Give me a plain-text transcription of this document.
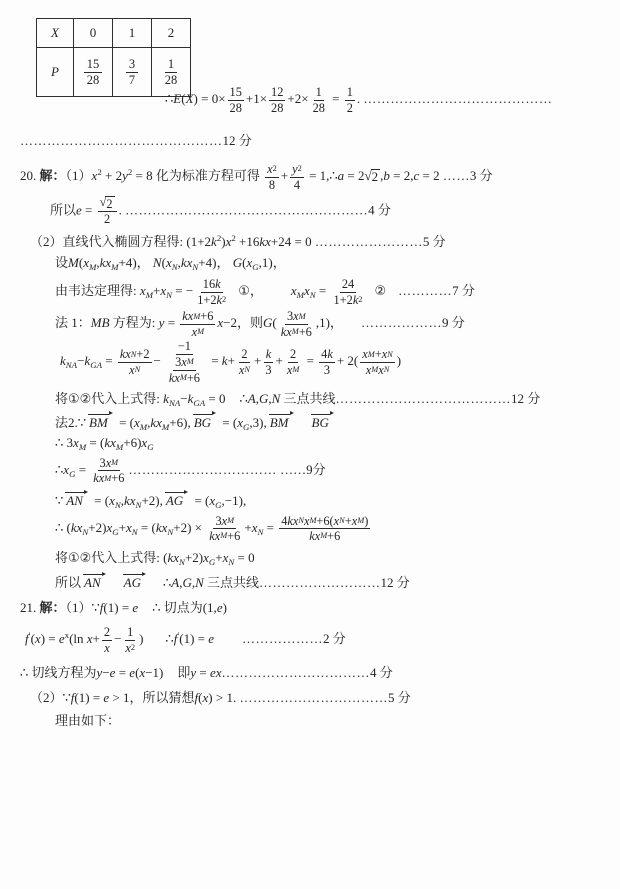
X	0	1	2
P	$\frac{15}{28}$	$\frac{3}{7}$	$\frac{1}{28}$
∴E(X) = $0\times \frac{15}{28} +1\times \frac{12}{28} +2\times \frac{1}{28} = \frac{1}{2}$ . ……………………………………
………………………………………12 分
20. 解：$(1)x^2 + 2y^2 = 8$ 化为标准方程可得 $\frac{x 2}{8} + \frac{y 2}{4}$ = 1,∴a = 2 √ 2 ,b = 2,c = 2 ……3 分
所以$e = \frac{√ 2}{2}$ . ………………………………………………4 分
（2）直线代入椭圆方程得: $(1+2k^2)x^2 +16kx+24 = 0$ ……………………5 分
设$M(x_M,kx_M+4)$， $N(x_N,kx_N+4)$， $G(x_G,1)$，
由韦达定理得: $x_M+x_N$ = − $\frac{16 k}{1+2 k 2}$ ①， $x_Mx_N = \frac{24}{1+2 k 2}$ ② …………7 分
法 1：MB 方程为: y = kx M +6
x M
x−2，则G( 3 x M
kx M +6
,1)， ………………9 分
$k_{NA}-k_{GA}$ = kx N +2
x N
−
−1
3 x M
kx M +6
= $k+ \frac{2}{\text{x N}} + \frac{k}{3} + \frac{2}{\text{x M}} = \frac{4 k}{3} + 2$( x M + x N
x M x N
)
将①②代入上式得: $k_{NA}-k_{GA} = 0$ ∴A,G,N 三点共线…………………………………12 分
法2.∵ BM = $(x_M,kx_M+6)$, BG = $(x_G,3)$, BM BG
∴ $3x_M = (kx_M+6)x_G$
$\therefore x_G = 3$ x M
kx M +6
…………………………… ……9分
∵ AN = $(x_N,kx_N+2)$, AG = $(x_G,-1)$,
∴ $(kx_N+2)x_G+x_N = (kx_N+2) \times 3$ x M
kx M +6
$+x_N = 4$ kx N x M +6( x N + x M )
kx M +6
将①②代入上式得: $(kx_N+2)x_G+x_N = 0$
所以 AN AG ∴A,G,N 三点共线………………………12 分
21. 解：（1）∵f(1) = e ∴ 切点为(1,e)
$f'(x) = e^x(\ln$ $x+ \frac{2}{x} - \frac{1}{x 2}$ ) ∴f′(1) = e ………………2 分
∴ 切线方程为y−e = e(x−1) 即y = ex……………………………4 分
（2）∵f(1) = e > 1，所以猜想f(x) > 1. ……………………………5 分
理由如下：
